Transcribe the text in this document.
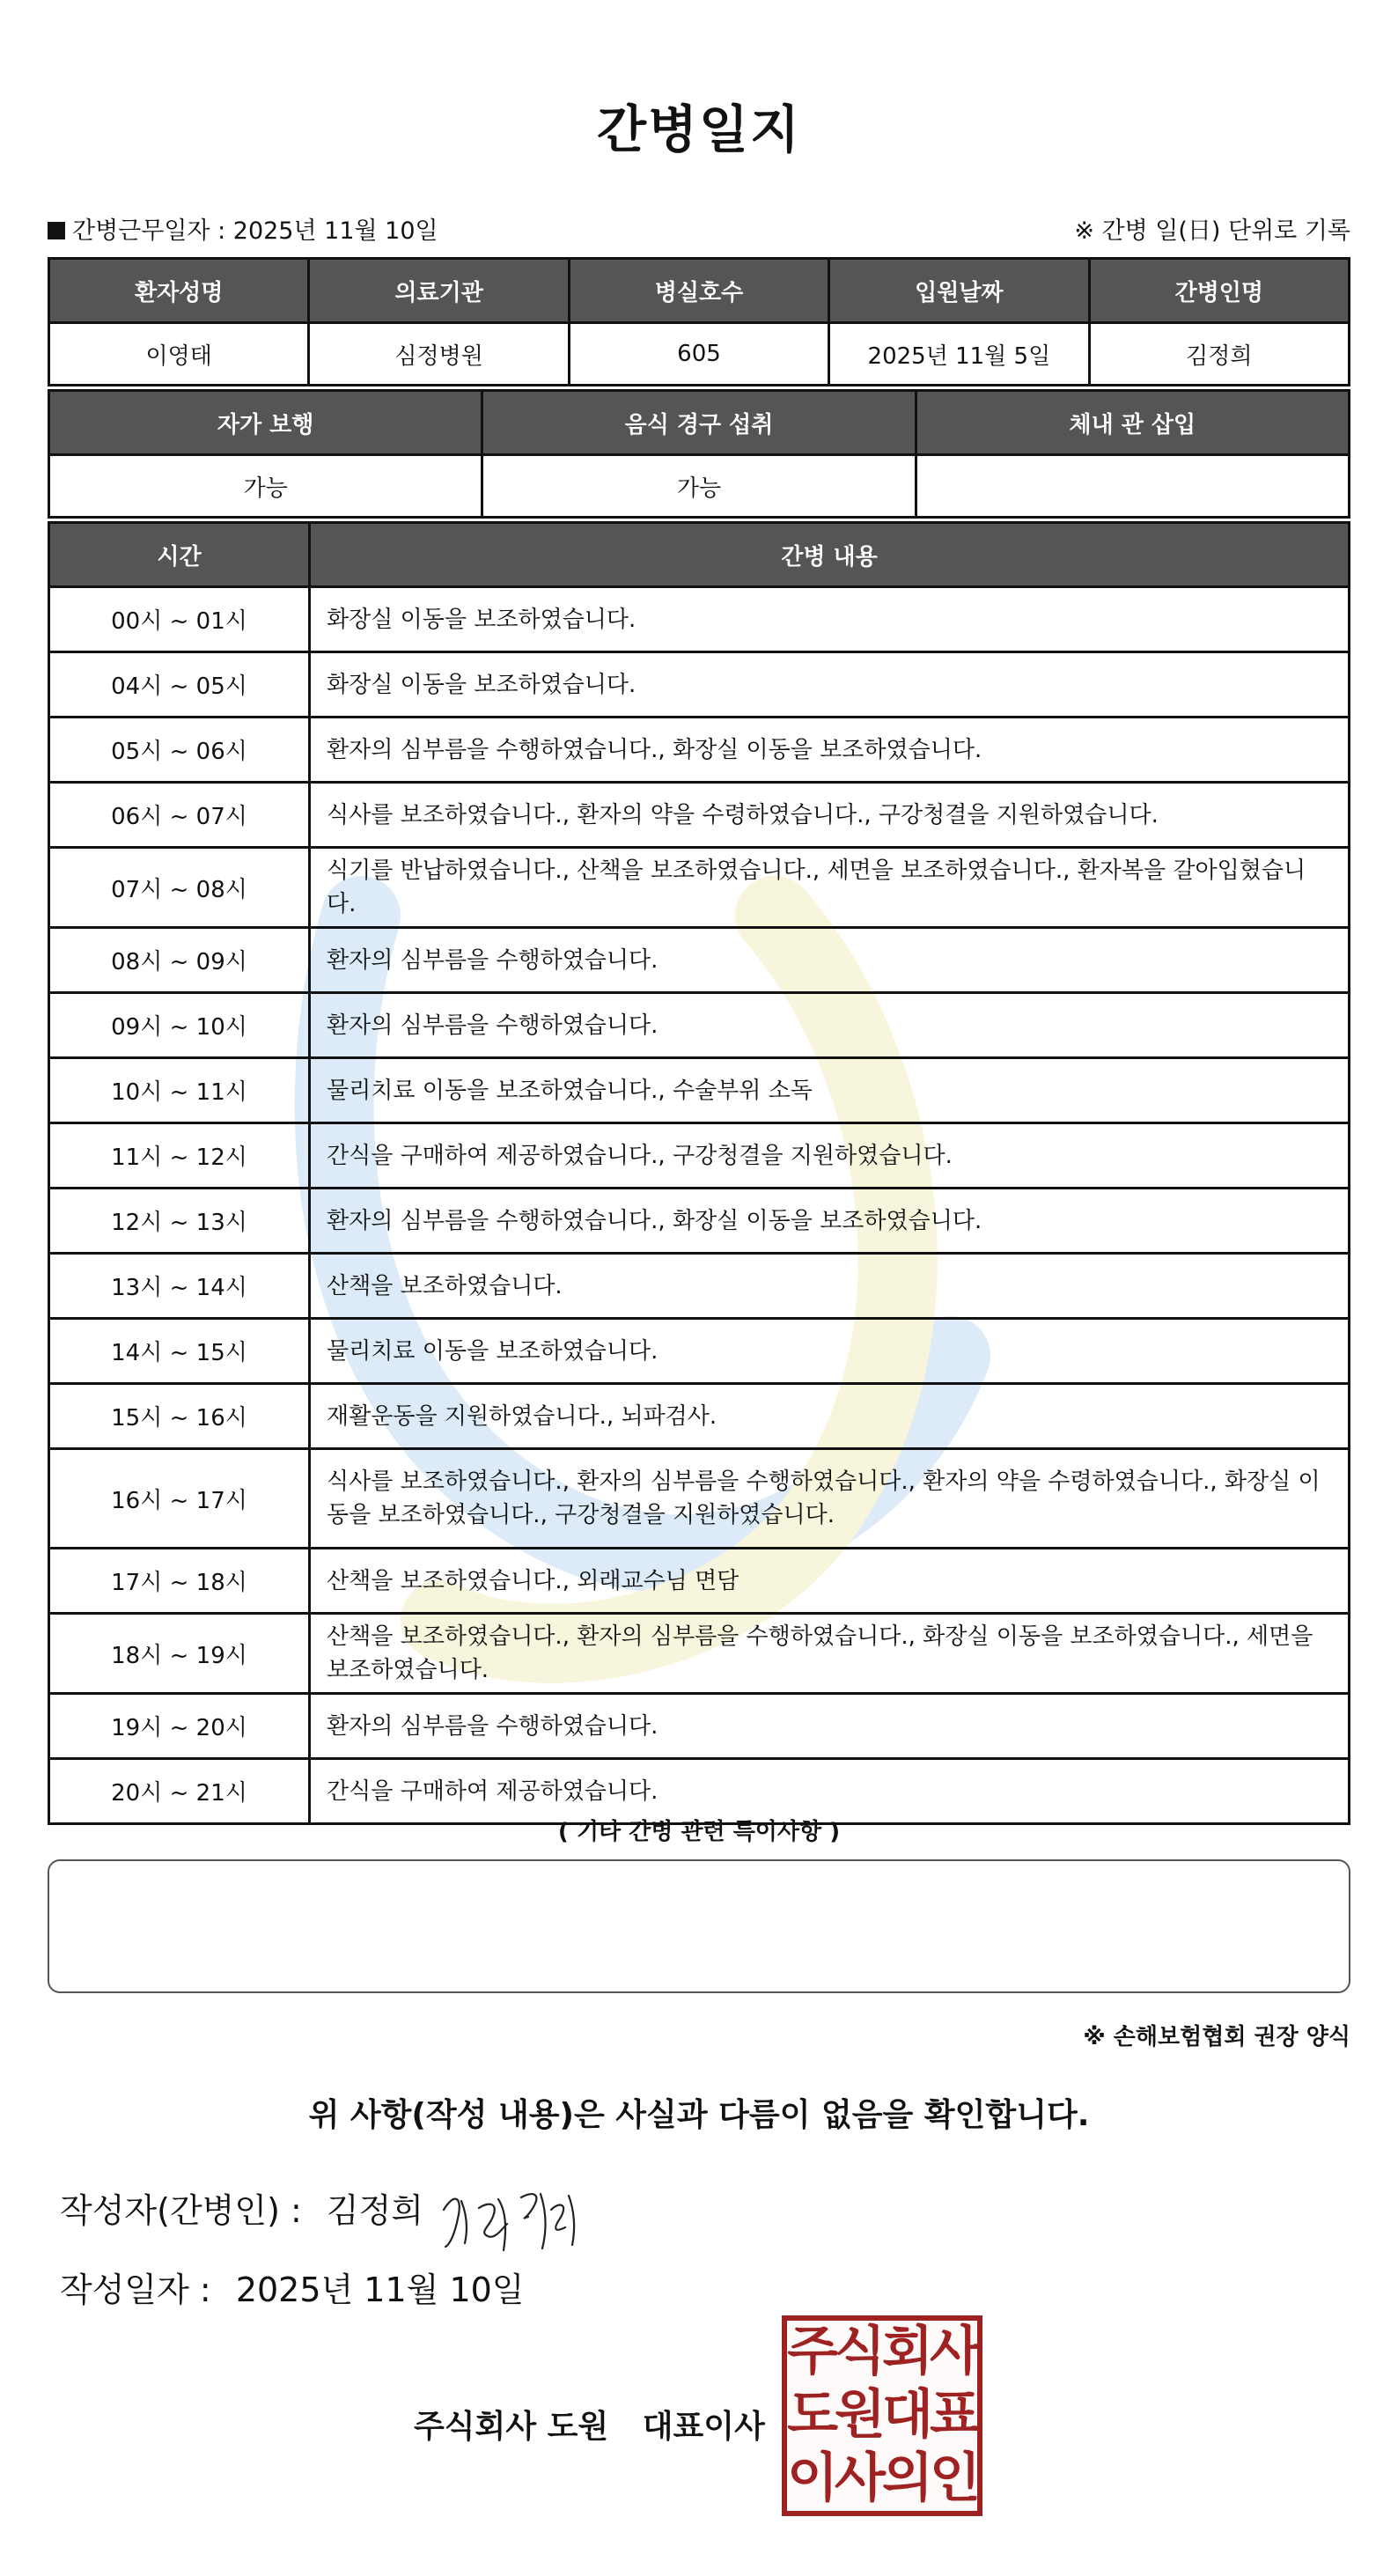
간병일지
간병근무일자 : 2025년 11월 10일	※ 간병 일(日) 단위로 기록
환자성명	의료기관	병실호수	입원날짜	간병인명
이영태	심정병원	605	2025년 11월 5일	김정희
자가 보행	음식 경구 섭취	체내 관 삽입
가능	가능	
시간	간병 내용
00시 ~ 01시	화장실 이동을 보조하였습니다.
04시 ~ 05시	화장실 이동을 보조하였습니다.
05시 ~ 06시	환자의 심부름을 수행하였습니다., 화장실 이동을 보조하였습니다.
06시 ~ 07시	식사를 보조하였습니다., 환자의 약을 수령하였습니다., 구강청결을 지원하였습니다.
07시 ~ 08시	식기를 반납하였습니다., 산책을 보조하였습니다., 세면을 보조하였습니다., 환자복을 갈아입혔습니다.
08시 ~ 09시	환자의 심부름을 수행하였습니다.
09시 ~ 10시	환자의 심부름을 수행하였습니다.
10시 ~ 11시	물리치료 이동을 보조하였습니다., 수술부위 소독
11시 ~ 12시	간식을 구매하여 제공하였습니다., 구강청결을 지원하였습니다.
12시 ~ 13시	환자의 심부름을 수행하였습니다., 화장실 이동을 보조하였습니다.
13시 ~ 14시	산책을 보조하였습니다.
14시 ~ 15시	물리치료 이동을 보조하였습니다.
15시 ~ 16시	재활운동을 지원하였습니다., 뇌파검사.
16시 ~ 17시	식사를 보조하였습니다., 환자의 심부름을 수행하였습니다., 환자의 약을 수령하였습니다., 화장실 이동을 보조하였습니다., 구강청결을 지원하였습니다.
17시 ~ 18시	산책을 보조하였습니다., 외래교수님 면담
18시 ~ 19시	산책을 보조하였습니다., 환자의 심부름을 수행하였습니다., 화장실 이동을 보조하였습니다., 세면을 보조하였습니다.
19시 ~ 20시	환자의 심부름을 수행하였습니다.
20시 ~ 21시	간식을 구매하여 제공하였습니다.
( 기타 간병 관련 특이사항 )
※ 손해보험협회 권장 양식
위 사항(작성 내용)은 사실과 다름이 없음을 확인합니다.
작성자(간병인) : 김정희
작성일자 : 2025년 11월 10일
주식회사 도원 대표이사
주식회사
도원대표
이사의인
